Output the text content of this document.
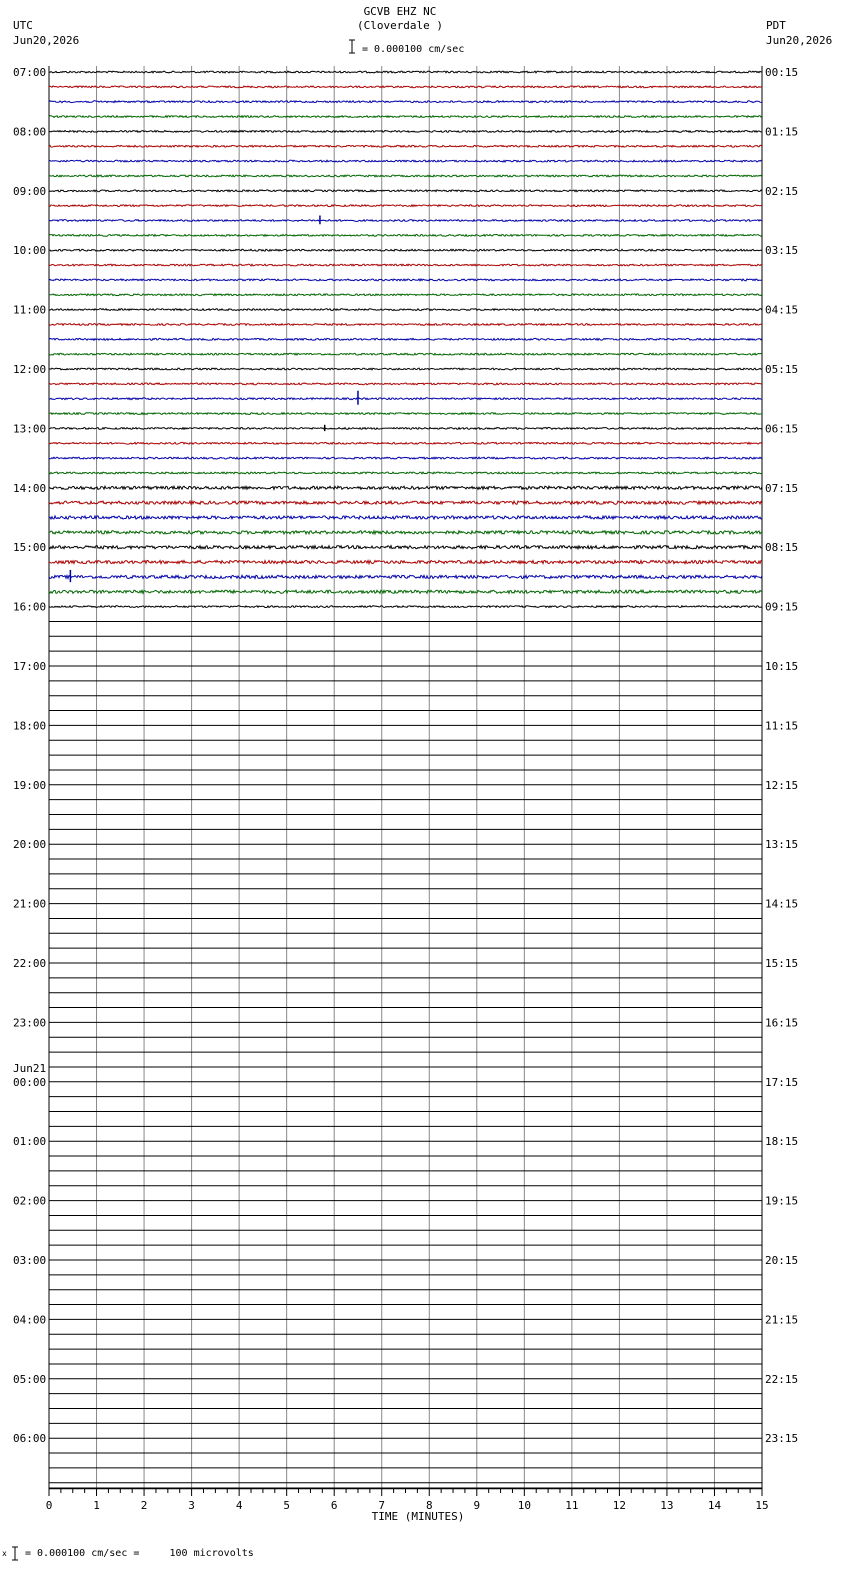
UTC
Jun20,2026
GCVB EHZ NC
(Cloverdale )
= 0.000100 cm/sec
PDT
Jun20,2026
07:00
08:00
09:00
10:00
11:00
12:00
13:00
14:00
15:00
16:00
17:00
18:00
19:00
20:00
21:00
22:00
23:00
00:00
Jun21
01:00
02:00
03:00
04:00
05:00
06:00
00:15
01:15
02:15
03:15
04:15
05:15
06:15
07:15
08:15
09:15
10:15
11:15
12:15
13:15
14:15
15:15
16:15
17:15
18:15
19:15
20:15
21:15
22:15
23:15
0	1	2	3	4	5	6	7	8	9	10	11	12	13	14	15
TIME (MINUTES)
x = 0.000100 cm/sec =     100 microvolts
